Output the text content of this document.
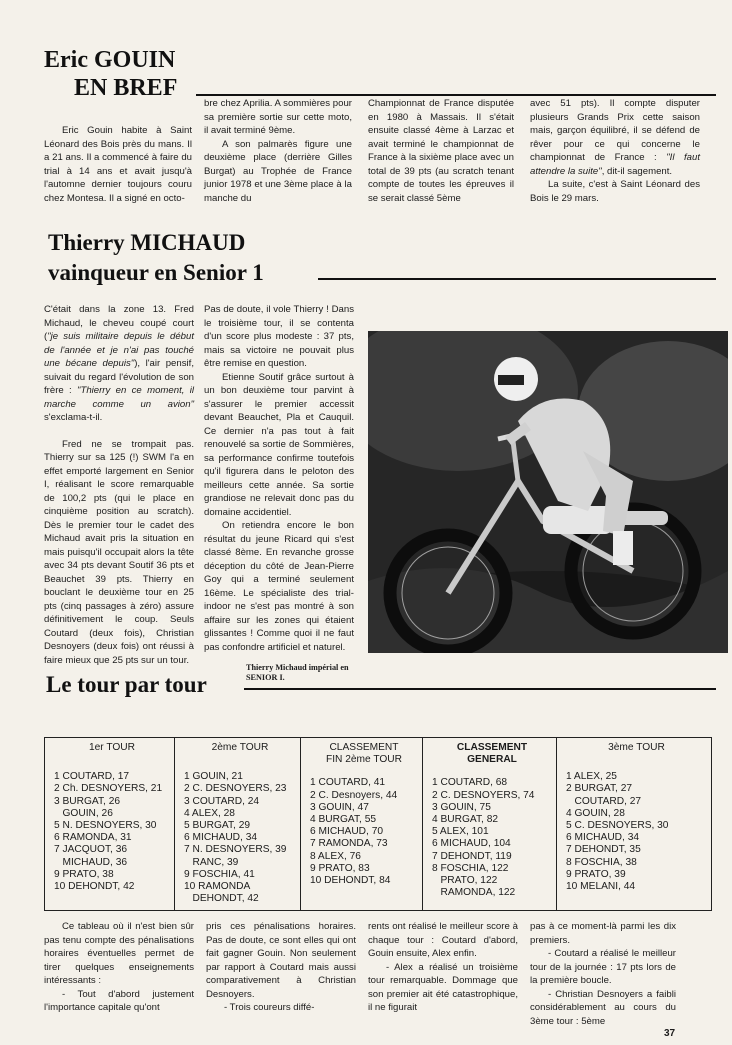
Eric GOUIN
EN BREF

Eric Gouin habite à Saint Léonard des Bois près du mans. Il a 21 ans. Il a commencé à faire du trial à 14 ans et avait jusqu'à l'automne dernier toujours couru chez Montesa. Il a signé en octo-

bre chez Aprilia. A sommières pour sa première sortie sur cette moto, il avait terminé 9ème.

A son palmarès figure une deuxième place (derrière Gilles Burgat) au Trophée de France junior 1978 et une 3ème place à la manche du

Championnat de France disputée en 1980 à Massais. Il s'était ensuite classé 4ème à Larzac et avait terminé le championnat de France à la sixième place avec un total de 39 pts (au scratch tenant compte de toutes les épreuves il se serait classé 5ème

avec 51 pts). Il compte disputer plusieurs Grands Prix cette saison mais, garçon équilibré, il se défend de rêver pour ce qui concerne le championnat de France : "Il faut attendre la suite", dit-il sagement.

La suite, c'est à Saint Léonard des Bois le 29 mars.

Thierry MICHAUD
vainqueur en Senior 1

C'était dans la zone 13. Fred Michaud, le cheveu coupé court ("je suis militaire depuis le début de l'année et je n'ai pas touché une bécane depuis"), l'air pensif, suivait du regard l'évolution de son frère : "Thierry en ce moment, il marche comme un avion" s'exclama-t-il.

Fred ne se trompait pas. Thierry sur sa 125 (!) SWM l'a en effet emporté largement en Senior I, réalisant le score remarquable de 100,2 pts (qui le place en cinquième position au scratch). Dès le premier tour le cadet des Michaud avait pris la situation en mais puisqu'il occupait alors la tête avec 34 pts devant Soutif 36 pts et Beauchet 39 pts. Thierry en bouclant le deuxième tour en 25 pts (cinq passages à zéro) assure définitivement le coup. Seuls Coutard (deux fois), Christian Desnoyers (deux fois) ont réussi à faire mieux que 25 pts sur un tour.

Pas de doute, il vole Thierry ! Dans le troisième tour, il se contenta d'un score plus modeste : 37 pts, mais sa victoire ne pouvait plus être remise en question.

Etienne Soutif grâce surtout à un bon deuxième tour parvint à s'assurer le premier accessit devant Beauchet, Pla et Cauquil. Ce dernier n'a pas tout à fait renouvelé sa sortie de Sommières, sa performance confirme toutefois qu'il figurera dans le peloton des meilleurs cette année. Sa sortie grandiose ne relevait donc pas du domaine accidentiel.

On retiendra encore le bon résultat du jeune Ricard qui s'est classé 8ème. En revanche grosse déception du côté de Jean-Pierre Goy qui a terminé seulement 16ème. Le spécialiste des trial-indoor ne s'est pas montré à son affaire sur les zones qui étaient glissantes ! Comme quoi il ne faut pas confondre artificiel et naturel.

Thierry Michaud impérial en SENIOR I.
Le tour par tour
1er TOUR
1 COUTARD, 17
2 Ch. DESNOYERS, 21
3 BURGAT, 26
GOUIN, 26
5 N. DESNOYERS, 30
6 RAMONDA, 31
7 JACQUOT, 36
MICHAUD, 36
9 PRATO, 38
10 DEHONDT, 42

2ème TOUR
1 GOUIN, 21
2 C. DESNOYERS, 23
3 COUTARD, 24
4 ALEX, 28
5 BURGAT, 29
6 MICHAUD, 34
7 N. DESNOYERS, 39
RANC, 39
9 FOSCHIA, 41
10 RAMONDA
DEHONDT, 42

CLASSEMENT
FIN 2ème TOUR
1 COUTARD, 41
2 C. Desnoyers, 44
3 GOUIN, 47
4 BURGAT, 55
6 MICHAUD, 70
7 RAMONDA, 73
8 ALEX, 76
9 PRATO, 83
10 DEHONDT, 84

CLASSEMENT
GENERAL
1 COUTARD, 68
2 C. DESNOYERS, 74
3 GOUIN, 75
4 BURGAT, 82
5 ALEX, 101
6 MICHAUD, 104
7 DEHONDT, 119
8 FOSCHIA, 122
PRATO, 122
RAMONDA, 122

3ème TOUR
1 ALEX, 25
2 BURGAT, 27
COUTARD, 27
4 GOUIN, 28
5 C. DESNOYERS, 30
6 MICHAUD, 34
7 DEHONDT, 35
8 FOSCHIA, 38
9 PRATO, 39
10 MELANI, 44

Ce tableau où il n'est bien sûr pas tenu compte des pénalisations horaires éventuelles permet de tirer quelques enseignements intéressants :

- Tout d'abord justement l'importance capitale qu'ont

pris ces pénalisations horaires. Pas de doute, ce sont elles qui ont fait gagner Gouin. Non seulement par rapport à Coutard mais aussi comparativement à Christian Desnoyers.

- Trois coureurs diffé-

rents ont réalisé le meilleur score à chaque tour : Coutard d'abord, Gouin ensuite, Alex enfin.

- Alex a réalisé un troisième tour remarquable. Dommage que son premier ait été catastrophique, il ne figurait

pas à ce moment-là parmi les dix premiers.

- Coutard a réalisé le meilleur tour de la journée : 17 pts lors de la première boucle.

- Christian Desnoyers a faibli considérablement au cours du 3ème tour : 5ème

37
